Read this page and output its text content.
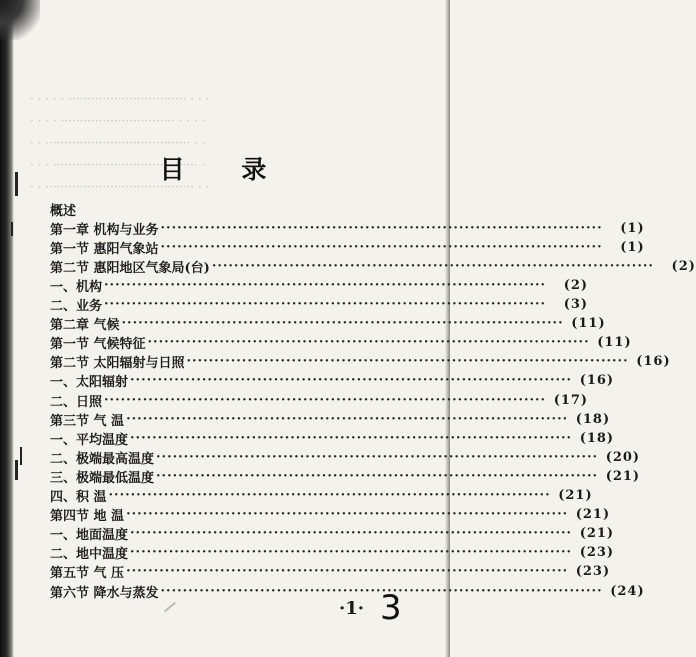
· · · · · ······························· · · ·
· · · · ······························ · · · ·
· · ······································ · ·
· · · ······································ ·
· · ······································· · ·
目 录
概述
第一章 机构与业务 ················································································	(1)
第一节 惠阳气象站 ················································································	(1)
第二节 惠阳地区气象局(台) ················································································	(2)
一、机构 ················································································	(2)
二、业务 ················································································	(3)
第二章 气候 ················································································ (11)
第一节 气候特征 ················································································ (11)
第二节 太阳辐射与日照 ················································································ (16)
一、太阳辐射 ················································································ (16)
二、日照 ················································································ (17)
第三节 气 温 ················································································ (18)
一、平均温度 ················································································ (18)
二、极端最高温度 ················································································ (20)
三、极端最低温度 ················································································ (21)
四、积 温 ················································································ (21)
第四节 地 温 ················································································ (21)
一、地面温度 ················································································ (21)
二、地中温度 ················································································ (23)
第五节 气 压 ················································································ (23)
第六节 降水与蒸发 ················································································ (24)
·1· 3
